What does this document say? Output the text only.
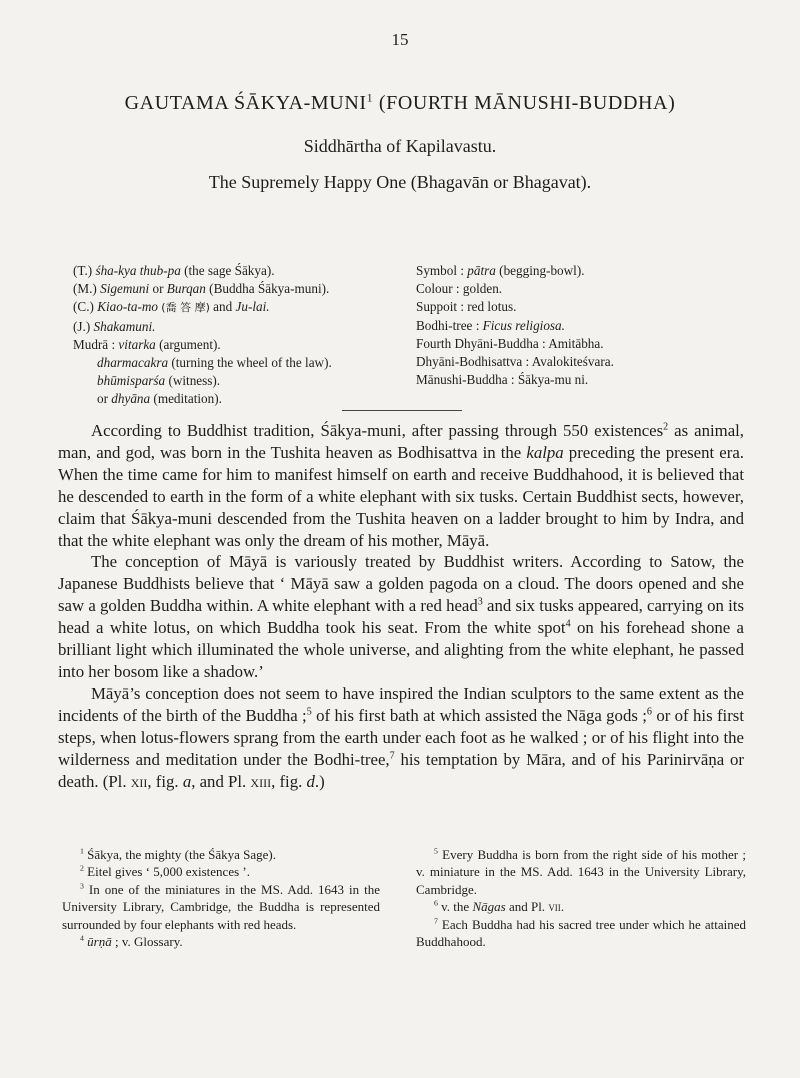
15
GAUTAMA ŚĀKYA-MUNI$^1$ (FOURTH MĀNUSHI-BUDDHA)
Siddhārtha of Kapilavastu.
The Supremely Happy One (Bhagavān or Bhagavat).
(T.) śha-kya thub-pa (the sage Śākya).
(M.) Sigemuni or Burqan (Buddha Śākya-muni).
(C.) Kiao-ta-mo (喬 答 摩) and Ju-lai.
(J.) Shakamuni.
Mudrā : vitarka (argument).
dharmacakra (turning the wheel of the law).
bhūmisparśa (witness).
or dhyāna (meditation).
Symbol : pātra (begging-bowl).
Colour : golden.
Suppoit : red lotus.
Bodhi-tree : Ficus religiosa.
Fourth Dhyāni-Buddha : Amitābha.
Dhyāni-Bodhisattva : Avalokiteśvara.
Mānushi-Buddha : Śākya-mu ni.

According to Buddhist tradition, Śākya-muni, after passing through 550 existences$^2$ as animal, man, and god, was born in the Tushita heaven as Bodhisattva in the kalpa preceding the present era. When the time came for him to manifest himself on earth and receive Buddhahood, it is believed that he descended to earth in the form of a white elephant with six tusks. Certain Buddhist sects, however, claim that Śākya-muni descended from the Tushita heaven on a ladder brought to him by Indra, and that the white elephant was only the dream of his mother, Māyā.

The conception of Māyā is variously treated by Buddhist writers. According to Satow, the Japanese Buddhists believe that ‘ Māyā saw a golden pagoda on a cloud. The doors opened and she saw a golden Buddha within. A white elephant with a red head$^3$ and six tusks appeared, carrying on its head a white lotus, on which Buddha took his seat. From the white spot$^4$ on his forehead shone a brilliant light which illuminated the whole universe, and alighting from the white elephant, he passed into her bosom like a shadow.’

Māyā’s conception does not seem to have inspired the Indian sculptors to the same extent as the incidents of the birth of the Buddha ;$^5$ of his first bath at which assisted the Nāga gods ;$^6$ or of his first steps, when lotus-flowers sprang from the earth under each foot as he walked ; or of his flight into the wilderness and meditation under the Bodhi-tree,$^7$ his temptation by Māra, and of his Parinirvāṇa or death. (Pl. xii, fig. a, and Pl. xiii, fig. d.)

$^1$ Śākya, the mighty (the Śākya Sage).
$^2$ Eitel gives ‘ 5,000 existences ’.
$^3$ In one of the miniatures in the MS. Add. 1643 in the University Library, Cambridge, the Buddha is represented surrounded by four elephants with red heads.
$^4$ ūrṇā ; v. Glossary.
$^5$ Every Buddha is born from the right side of his mother ; v. miniature in the MS. Add. 1643 in the University Library, Cambridge.
$^6$ v. the Nāgas and Pl. vii.
$^7$ Each Buddha had his sacred tree under which he attained Buddhahood.
